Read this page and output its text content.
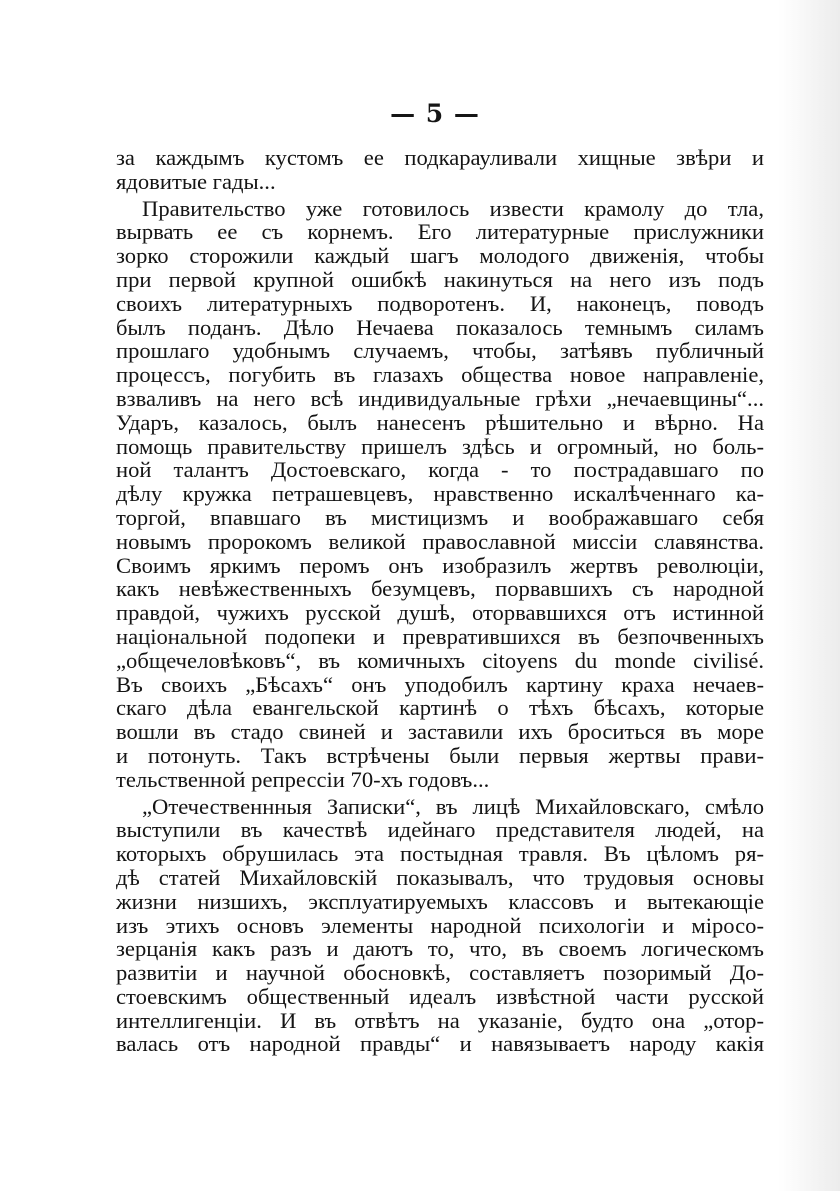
— 5 —
за каждымъ кустомъ ее подкарауливали хищные звѣри и
ядовитые гады...
Правительство уже готовилось извести крамолу до тла,
вырвать ее съ корнемъ. Его литературные прислужники
зорко сторожили каждый шагъ молодого движенія, чтобы
при первой крупной ошибкѣ накинуться на него изъ подъ
своихъ литературныхъ подворотенъ. И, наконецъ, поводъ
былъ поданъ. Дѣло Нечаева показалось темнымъ силамъ
прошлаго удобнымъ случаемъ, чтобы, затѣявъ публичный
процессъ, погубить въ глазахъ общества новое направленіе,
взваливъ на него всѣ индивидуальные грѣхи „нечаевщины“...
Ударъ, казалось, былъ нанесенъ рѣшительно и вѣрно. На
помощь правительству пришелъ здѣсь и огромный, но боль-
ной талантъ Достоевскаго, когда - то пострадавшаго по
дѣлу кружка петрашевцевъ, нравственно искалѣченнаго ка-
торгой, впавшаго въ мистицизмъ и воображавшаго себя
новымъ пророкомъ великой православной миссіи славянства.
Своимъ яркимъ перомъ онъ изобразилъ жертвъ революціи,
какъ невѣжественныхъ безумцевъ, порвавшихъ съ народной
правдой, чужихъ русской душѣ, оторвавшихся отъ истинной
національной подопеки и превратившихся въ безпочвенныхъ
„общечеловѣковъ“, въ комичныхъ citoyens du monde civilisé.
Въ своихъ „Бѣсахъ“ онъ уподобилъ картину краха нечаев-
скаго дѣла евангельской картинѣ о тѣхъ бѣсахъ, которые
вошли въ стадо свиней и заставили ихъ броситься въ море
и потонуть. Такъ встрѣчены были первыя жертвы прави-
тельственной репрессіи 70-хъ годовъ...
„Отечественнныя Записки“, въ лицѣ Михайловскаго, смѣло
выступили въ качествѣ идейнаго представителя людей, на
которыхъ обрушилась эта постыдная травля. Въ цѣломъ ря-
дѣ статей Михайловскій показывалъ, что трудовыя основы
жизни низшихъ, эксплуатируемыхъ классовъ и вытекающіе
изъ этихъ основъ элементы народной психологіи и міросо-
зерцанія какъ разъ и даютъ то, что, въ своемъ логическомъ
развитіи и научной обосновкѣ, составляетъ позоримый До-
стоевскимъ общественный идеалъ извѣстной части русской
интеллигенціи. И въ отвѣтъ на указаніе, будто она „отор-
валась отъ народной правды“ и навязываетъ народу какія
